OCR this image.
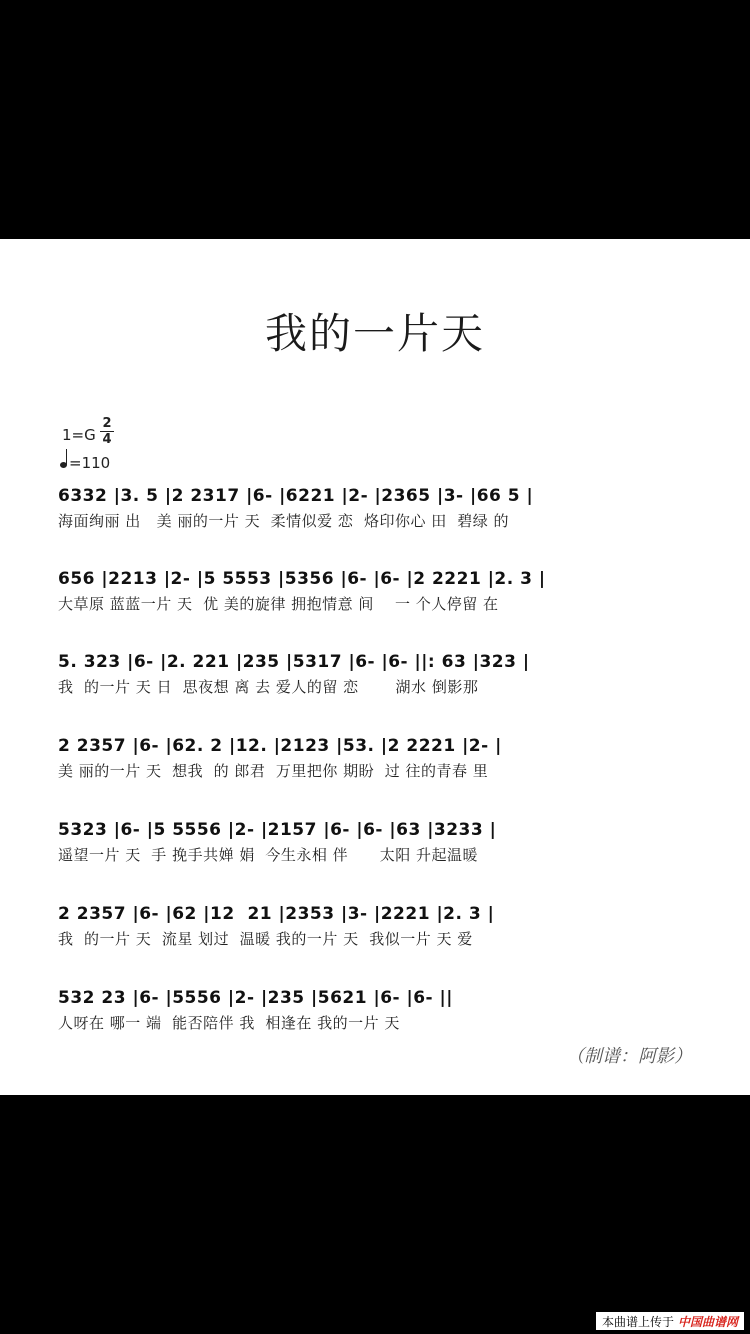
我的一片天
1=G
2
4
=110
6332 |3. 5 |2 2317 |6- |6221 |2- |2365 |3- |66 5 |
海面绚丽 出   美 丽的一片 天  柔情似爱 恋  烙印你心 田  碧绿 的
656 |2213 |2- |5 5553 |5356 |6- |6- |2 2221 |2. 3 |
大草原 蓝蓝一片 天  优 美的旋律 拥抱情意 间    一 个人停留 在
5. 323 |6- |2. 221 |235 |5317 |6- |6- ||: 63 |323 |
我  的一片 天 日  思夜想 离 去 爱人的留 恋       湖水 倒影那
2 2357 |6- |62. 2 |12. |2123 |53. |2 2221 |2- |
美 丽的一片 天  想我  的 郎君  万里把你 期盼  过 往的青春 里
5323 |6- |5 5556 |2- |2157 |6- |6- |63 |3233 |
遥望一片 天  手 挽手共婵 娟  今生永相 伴      太阳 升起温暖
2 2357 |6- |62 |12  21 |2353 |3- |2221 |2. 3 |
我  的一片 天  流星 划过  温暖 我的一片 天  我似一片 天 爱
532 23 |6- |5556 |2- |235 |5621 |6- |6- ||
人呀在 哪一 端  能否陪伴 我  相逢在 我的一片 天
（制谱：阿影）
本曲谱上传于 中国曲谱网
